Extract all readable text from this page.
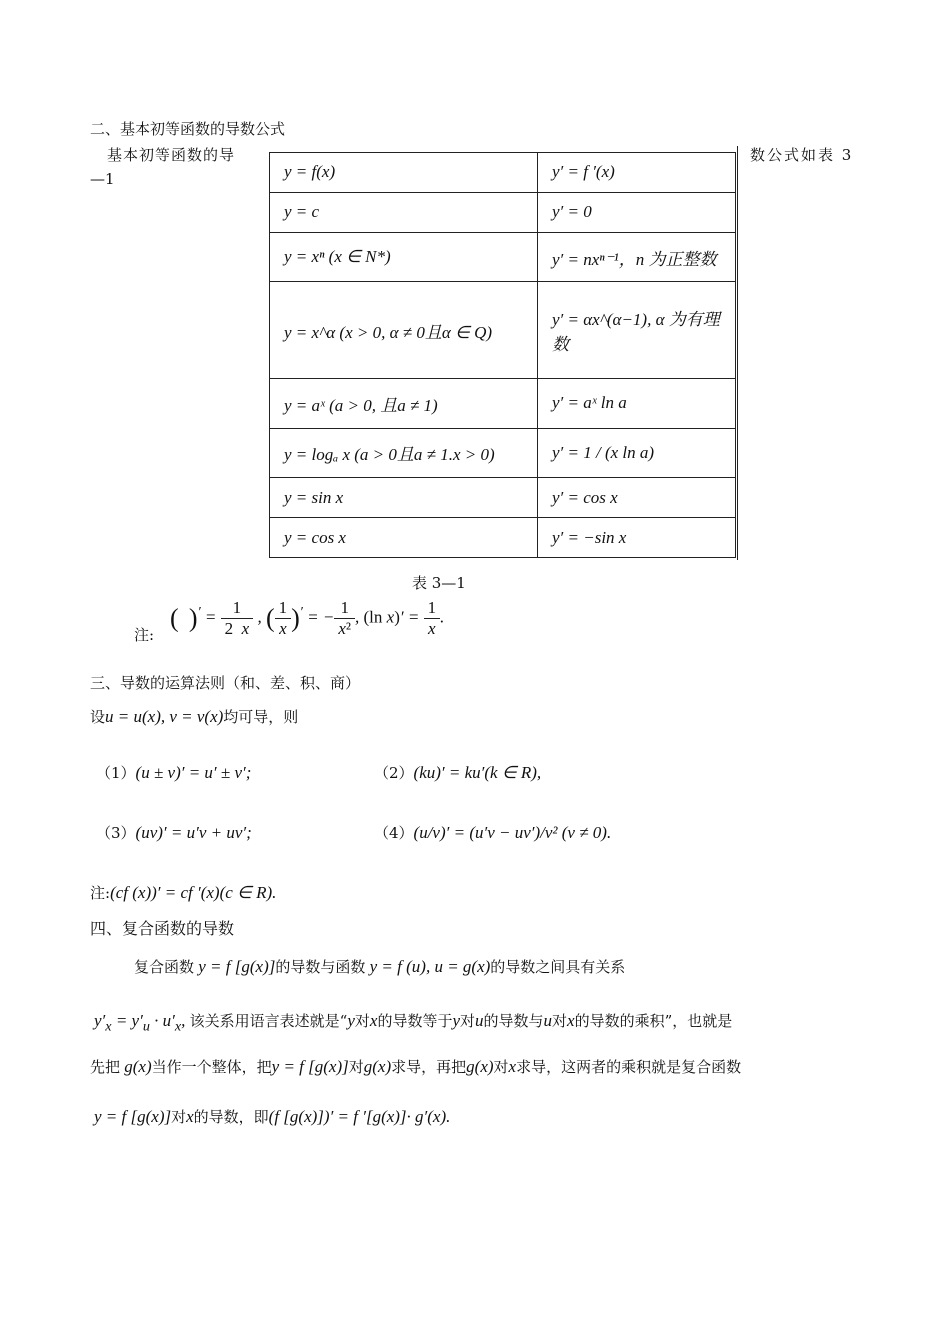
二、基本初等函数的导数公式
基本初等函数的导	数公式如表 3
—1	y = f(x)	y′ = f ′(x)
y = c	y′ = 0
y = xⁿ (x ∈ N*)	y′ = nxⁿ⁻¹，n 为正整数
y = x^α (x > 0, α ≠ 0且α ∈ Q)	y′ = αx^(α−1), α 为有理数
y = aˣ (a > 0, 且a ≠ 1)	y′ = aˣ ln a
y = logₐ x (a > 0且a ≠ 1.x > 0)	y′ = 1 / (x ln a)
y = sin x	y′ = cos x
y = cos x	y′ = −sin x
表 3—1
注:
(    )$' = \frac{1}{2 x}$ , ( $\frac{1}{x} )'$ = − $\frac{1}{\text{x²}}$ , (ln $x)' = \frac{1}{x}$ .
三、导数的运算法则（和、差、积、商）
设u = u(x), v = v(x)均可导，则
（1）(u ± v)′ = u′ ± v′;	（2）(ku)′ = ku′(k ∈ R),
（3）(uv)′ = u′v + uv′;	（4）(u/v)′ = (u′v − uv′)/v² (v ≠ 0).
注:(cf (x))′ = cf ′(x)(c ∈ R).
四、复合函数的导数
复合函数 y = f [g(x)]的导数与函数 y = f (u), u = g(x)的导数之间具有关系
$y'_x = y'_u \cdot u'_x$, 该关系用语言表述就是“y对x的导数等于y对u的导数与u对x的导数的乘积”，也就是
先把 g(x)当作一个整体，把y = f [g(x)]对g(x)求导，再把g(x)对x求导，这两者的乘积就是复合函数
y = f [g(x)]对x的导数，即(f [g(x)])′ = f ′[g(x)]· g′(x).
